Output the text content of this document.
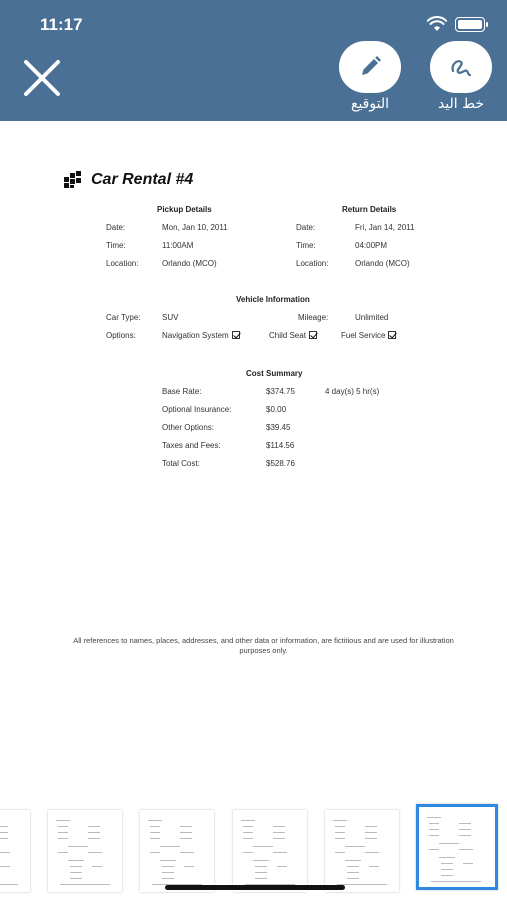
11:17
التوقيع	خط اليد
Car Rental #4
Pickup Details	Return Details
Date:	Mon, Jan 10, 2011
Time:	11:00AM
Location:	Orlando (MCO)
Date:	Fri, Jan 14, 2011
Time:	04:00PM
Location:	Orlando (MCO)
Vehicle Information
Car Type:	SUV	Mileage:	Unlimited
Options:	Navigation System	Child Seat	Fuel Service
Cost Summary
Base Rate:	$374.75	4 day(s) 5 hr(s)
Optional Insurance:	$0.00
Other Options:	$39.45
Taxes and Fees:	$114.56
Total Cost:	$528.76
All references to names, places, addresses, and other data or information, are fictitious and are used for illustration purposes only.
